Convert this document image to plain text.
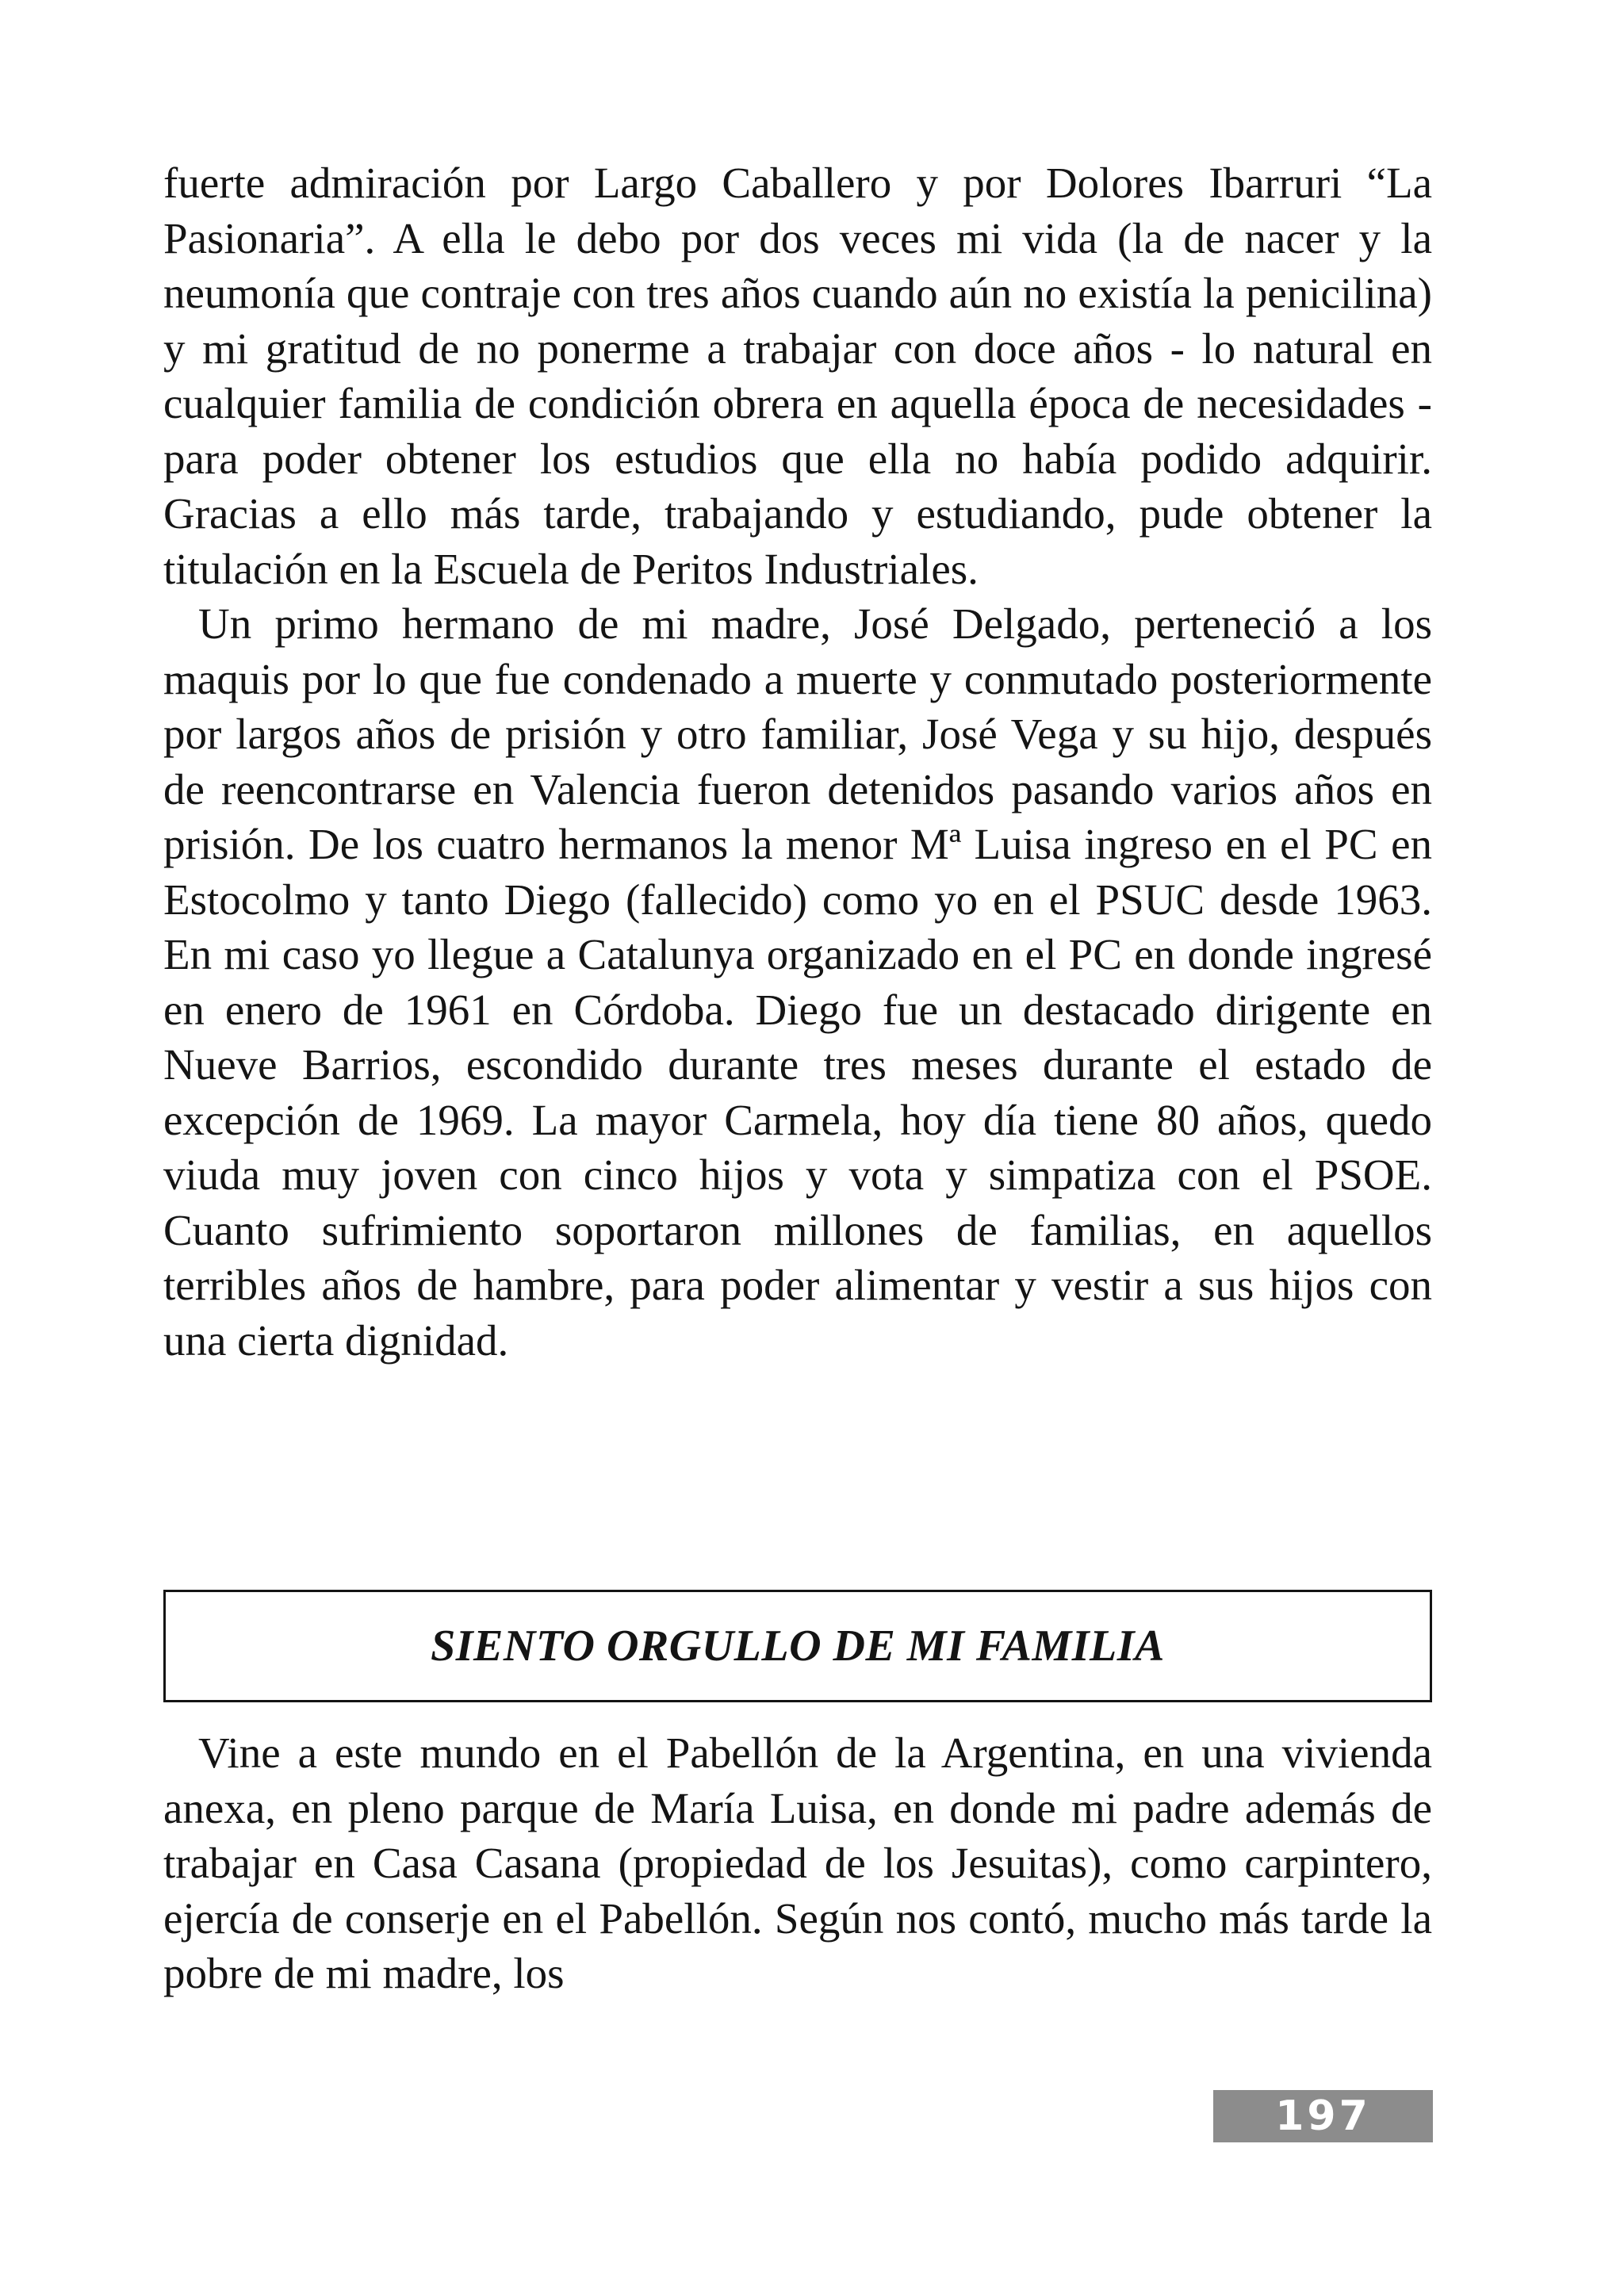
fuerte admiración por Largo Caballero y por Dolores Ibarruri “La Pasionaria”. A ella le debo por dos veces mi vida (la de nacer y la neumonía que contraje con tres años cuando aún no existía la penicilina) y mi gratitud de no ponerme a trabajar con doce años - lo natural en cualquier familia de condición obrera en aquella época de necesidades - para poder obtener los estudios que ella no había podido adquirir. Gracias a ello más tarde, trabajando y estudiando, pude obtener la titulación en la Escuela de Peritos Industriales.

Un primo hermano de mi madre, José Delgado, perteneció a los maquis por lo que fue condenado a muerte y conmutado posteriormente por largos años de prisión y otro familiar, José Vega y su hijo, después de reencontrarse en Valencia fueron detenidos pasando varios años en prisión. De los cuatro hermanos la menor Mª Luisa ingreso en el PC en Estocolmo y tanto Diego (fallecido) como yo en el PSUC desde 1963. En mi caso yo llegue a Catalunya organizado en el PC en donde ingresé en enero de 1961 en Córdoba. Diego fue un destacado dirigente en Nueve Barrios, escondido durante tres meses durante el estado de excepción de 1969. La mayor Carmela, hoy día tiene 80 años, quedo viuda muy joven con cinco hijos y vota y simpatiza con el PSOE. Cuanto sufrimiento soportaron millones de familias, en aquellos terribles años de hambre, para poder alimentar y vestir a sus hijos con una cierta dignidad.

SIENTO ORGULLO DE MI FAMILIA

Vine a este mundo en el Pabellón de la Argentina, en una vivienda anexa, en pleno parque de María Luisa, en donde mi padre además de trabajar en Casa Casana (propiedad de los Jesuitas), como carpintero, ejercía de conserje en el Pabellón. Según nos contó, mucho más tarde la pobre de mi madre, los

197
